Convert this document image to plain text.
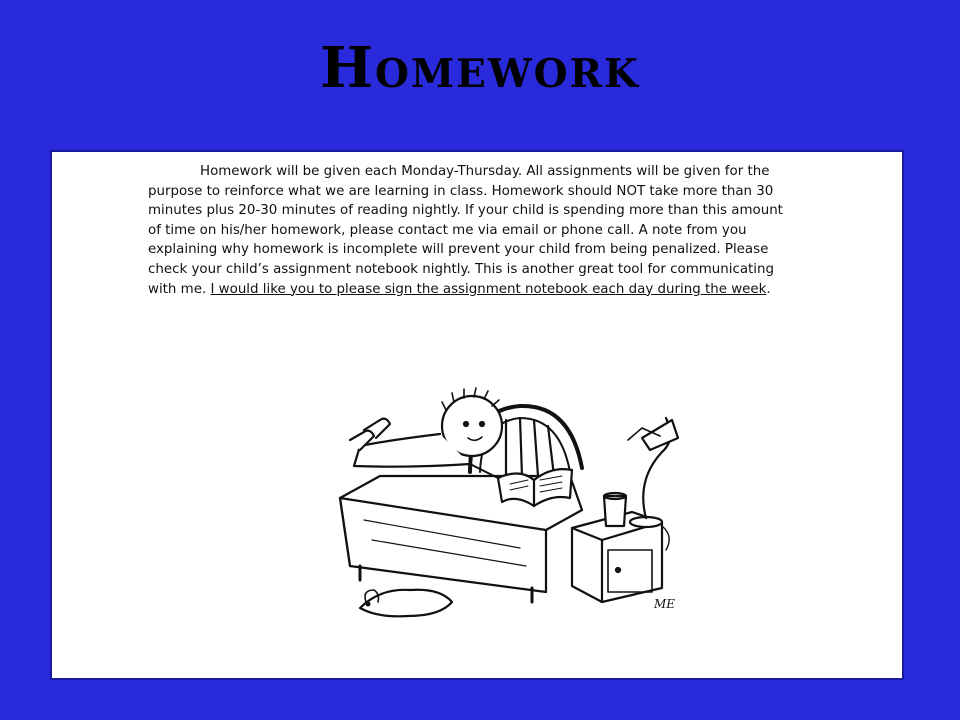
Homework

Homework will be given each Monday-Thursday. All assignments will be given for the purpose to reinforce what we are learning in class. Homework should NOT take more than 30 minutes plus 20-30 minutes of reading nightly. If your child is spending more than this amount of time on his/her homework, please contact me via email or phone call. A note from you explaining why homework is incomplete will prevent your child from being penalized. Please check your child’s assignment notebook nightly. This is another great tool for communicating with me. I would like you to please sign the assignment notebook each day during the week.

ME
